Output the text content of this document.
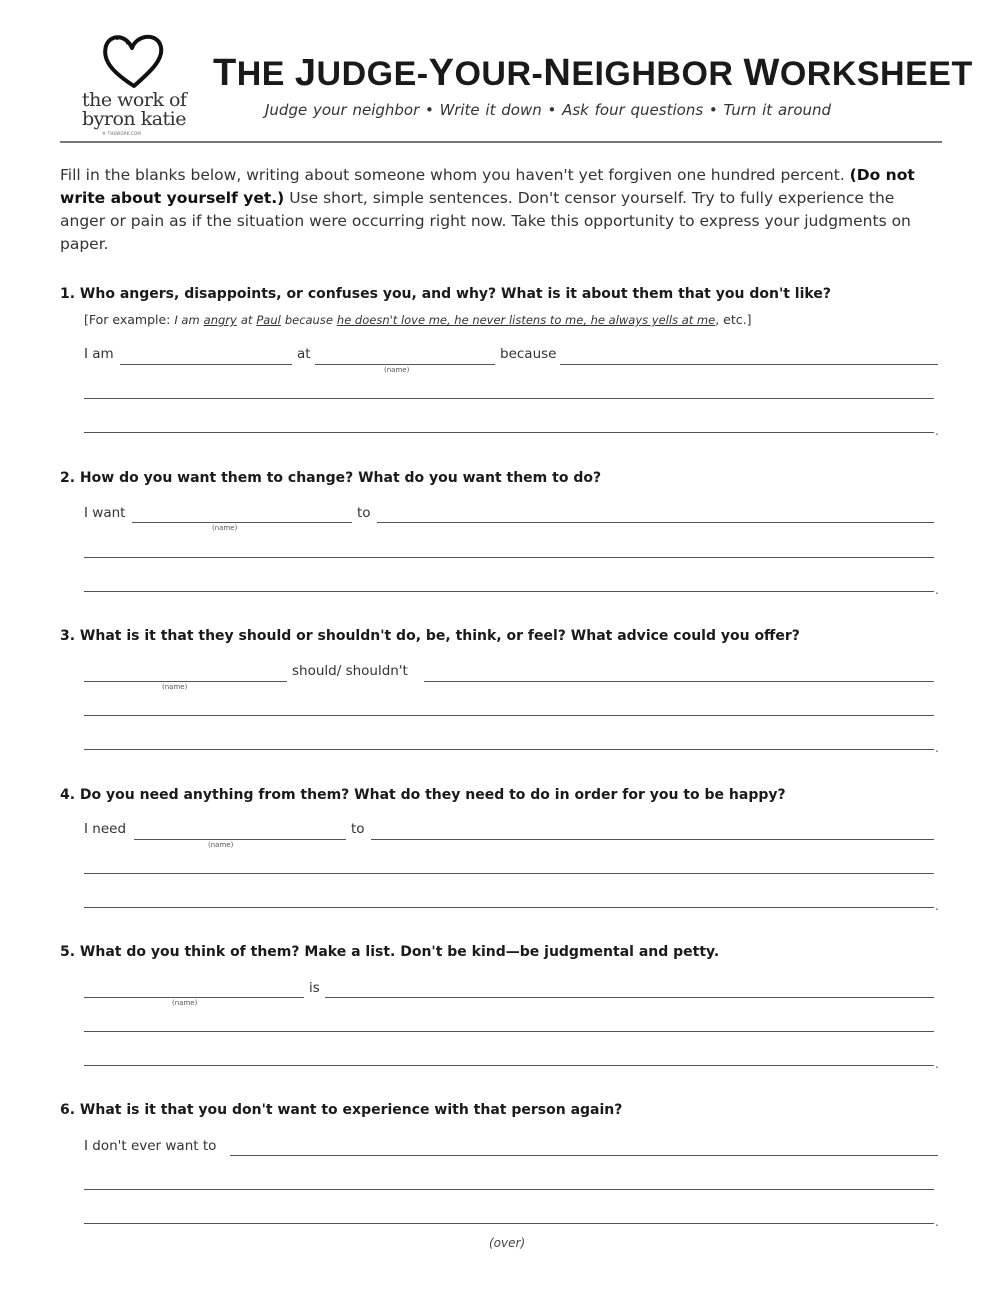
the work of
byron katie
® THEWORK.COM
THE JUDGE-YOUR-NEIGHBOR WORKSHEET
Judge your neighbor • Write it down • Ask four questions • Turn it around
Fill in the blanks below, writing about someone whom you haven't yet forgiven one hundred percent. (Do not write about yourself yet.) Use short, simple sentences. Don't censor yourself. Try to fully experience the anger or pain as if the situation were occurring right now. Take this opportunity to express your judgments on paper.
1. Who angers, disappoints, or confuses you, and why? What is it about them that you don't like?
[For example: I am angry at Paul because he doesn't love me, he never listens to me, he always yells at me, etc.]
I am	at
(name)
because
.
2. How do you want them to change? What do you want them to do?
I want
(name)
to
.
3. What is it that they should or shouldn't do, be, think, or feel? What advice could you offer?
(name)
should/ shouldn't
.
4. Do you need anything from them? What do they need to do in order for you to be happy?
I need
(name)
to
.
5. What do you think of them? Make a list. Don't be kind—be judgmental and petty.
(name)
is
.
6. What is it that you don't want to experience with that person again?
I don't ever want to
.
(over)
